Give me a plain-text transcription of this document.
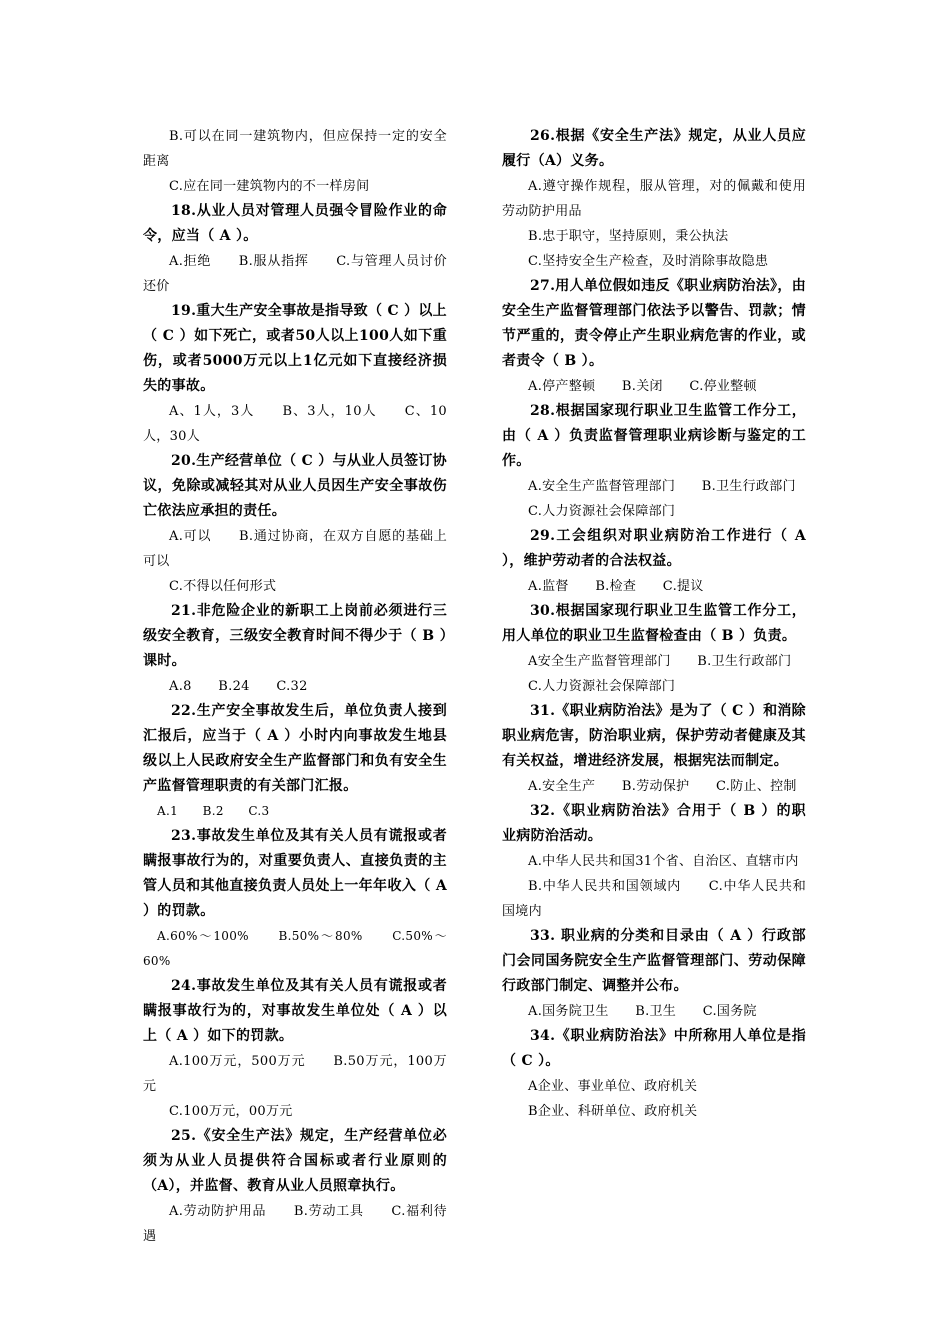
B.可以在同一建筑物内，但应保持一定的安全距离

C.应在同一建筑物内的不一样房间

18.从业人员对管理人员强令冒险作业的命令，应当（ A ）。

A.拒绝　　B.服从指挥　　C.与管理人员讨价还价

19.重大生产安全事故是指导致（ C ）以上（ C ）如下死亡，或者50人以上100人如下重伤，或者5000万元以上1亿元如下直接经济损失的事故。

A、1人，3人　　B、3人，10人　　C、10人，30人

20.生产经营单位（ C ）与从业人员签订协议，免除或减轻其对从业人员因生产安全事故伤亡依法应承担的责任。

A.可以　　B.通过协商，在双方自愿的基础上可以

C.不得以任何形式

21.非危险企业的新职工上岗前必须进行三级安全教育，三级安全教育时间不得少于（ B ）课时。

A.8　　B.24　　C.32

22.生产安全事故发生后，单位负责人接到汇报后，应当于（ A ）小时内向事故发生地县级以上人民政府安全生产监督部门和负有安全生产监督管理职责的有关部门汇报。

A.1　　B.2　　C.3

23.事故发生单位及其有关人员有谎报或者瞒报事故行为的，对重要负责人、直接负责的主管人员和其他直接负责人员处上一年年收入（ A ）的罚款。

A.60%～100%　　B.50%～80%　　C.50%～60%

24.事故发生单位及其有关人员有谎报或者瞒报事故行为的，对事故发生单位处（ A ）以上（ A ）如下的罚款。

A.100万元，500万元　　B.50万元，100万元

C.100万元，00万元

25.《安全生产法》规定，生产经营单位必须为从业人员提供符合国标或者行业原则的（A），并监督、教育从业人员照章执行。

A.劳动防护用品　　B.劳动工具　　C.福利待遇

26.根据《安全生产法》规定，从业人员应履行（A）义务。

A.遵守操作规程，服从管理，对的佩戴和使用劳动防护用品

B.忠于职守，坚持原则，秉公执法

C.坚持安全生产检查，及时消除事故隐患

27.用人单位假如违反《职业病防治法》，由安全生产监督管理部门依法予以警告、罚款；情节严重的，责令停止产生职业病危害的作业，或者责令（ B ）。

A.停产整顿　　B.关闭　　C.停业整顿

28.根据国家现行职业卫生监管工作分工，由（ A ）负责监督管理职业病诊断与鉴定的工作。

A.安全生产监督管理部门　　B.卫生行政部门

C.人力资源社会保障部门

29.工会组织对职业病防治工作进行（ A ），维护劳动者的合法权益。

A.监督　　B.检查　　C.提议

30.根据国家现行职业卫生监管工作分工，用人单位的职业卫生监督检查由（ B ）负责。

A安全生产监督管理部门　　B.卫生行政部门

C.人力资源社会保障部门

31.《职业病防治法》是为了（ C ）和消除职业病危害，防治职业病，保护劳动者健康及其有关权益，增进经济发展，根据宪法而制定。

A.安全生产　　B.劳动保护　　C.防止、控制

32.《职业病防治法》合用于（ B ）的职业病防治活动。

A.中华人民共和国31个省、自治区、直辖市内

B.中华人民共和国领域内　　C.中华人民共和国境内

33. 职业病的分类和目录由（ A ）行政部门会同国务院安全生产监督管理部门、劳动保障行政部门制定、调整并公布。

A.国务院卫生　　B.卫生　　C.国务院

34.《职业病防治法》中所称用人单位是指（ C ）。

A企业、事业单位、政府机关

B企业、科研单位、政府机关
